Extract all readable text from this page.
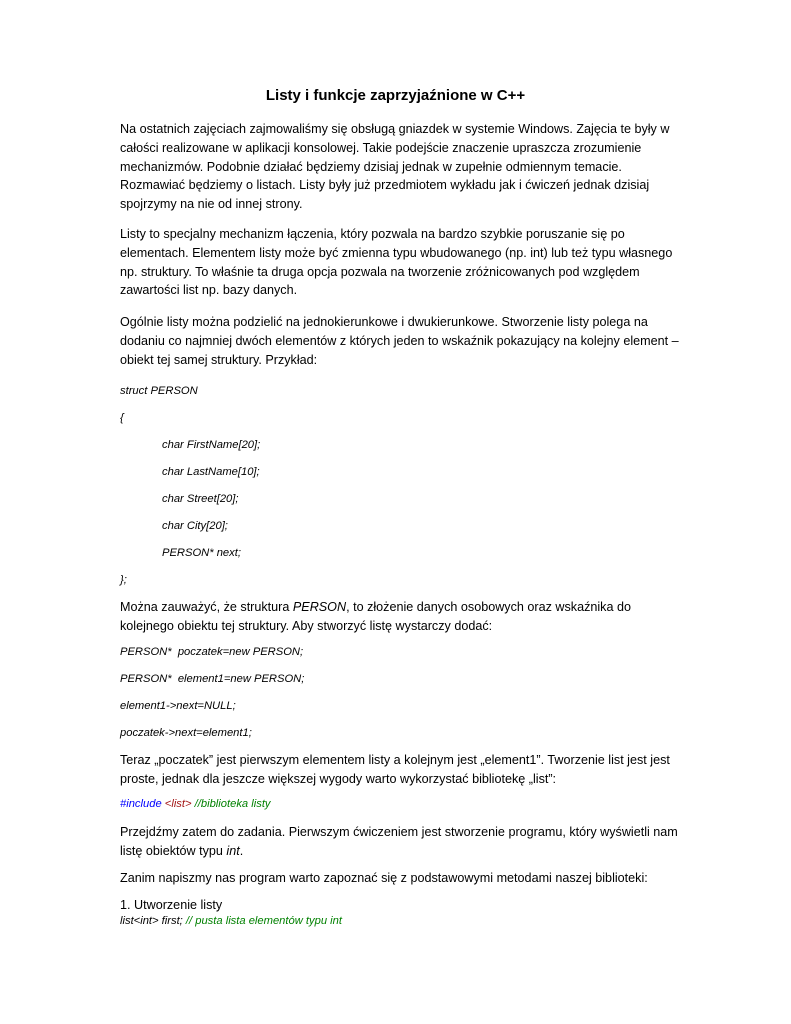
Listy i funkcje zaprzyjaźnione w C++

Na ostatnich zajęciach zajmowaliśmy się obsługą gniazdek w systemie Windows. Zajęcia te były w całości realizowane w aplikacji konsolowej. Takie podejście znaczenie upraszcza zrozumienie mechanizmów. Podobnie działać będziemy dzisiaj jednak w zupełnie odmiennym temacie. Rozmawiać będziemy o listach. Listy były już przedmiotem wykładu jak i ćwiczeń jednak dzisiaj spojrzymy na nie od innej strony.

Listy to specjalny mechanizm łączenia, który pozwala na bardzo szybkie poruszanie się po elementach. Elementem listy może być zmienna typu wbudowanego (np. int) lub też typu własnego np. struktury. To właśnie ta druga opcja pozwala na tworzenie zróżnicowanych pod względem zawartości list np. bazy danych.

Ogólnie listy można podzielić na jednokierunkowe i dwukierunkowe. Stworzenie listy polega na dodaniu co najmniej dwóch elementów z których jeden to wskaźnik pokazujący na kolejny element – obiekt tej samej struktury. Przykład:

struct PERSON
{
char FirstName[20];
char LastName[10];
char Street[20];
char City[20];
PERSON* next;
};

Można zauważyć, że struktura PERSON, to złożenie danych osobowych oraz wskaźnika do kolejnego obiektu tej struktury. Aby stworzyć listę wystarczy dodać:

PERSON*  poczatek=new PERSON;
PERSON*  element1=new PERSON;
element1->next=NULL;
poczatek->next=element1;

Teraz „poczatek” jest pierwszym elementem listy a kolejnym jest „element1”. Tworzenie list jest jest proste, jednak dla jeszcze większej wygody warto wykorzystać bibliotekę „list”:

#include <list> //biblioteka listy

Przejdźmy zatem do zadania. Pierwszym ćwiczeniem jest stworzenie programu, który wyświetli nam listę obiektów typu int.

Zanim napiszmy nas program warto zapoznać się z podstawowymi metodami naszej biblioteki:

1. Utworzenie listy
list<int> first; // pusta lista elementów typu int
